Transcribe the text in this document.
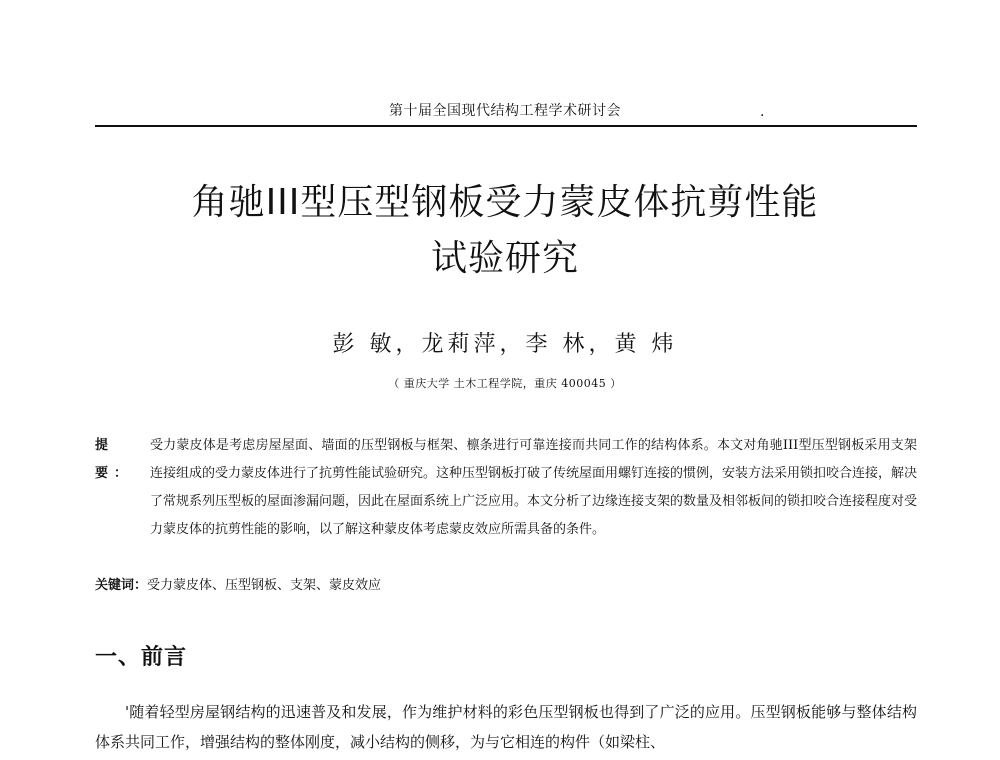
第十届全国现代结构工程学术研讨会	.
角驰III型压型钢板受力蒙皮体抗剪性能
试验研究
彭 敏，龙莉萍，李 林，黄 炜
（ 重庆大学 土木工程学院，重庆 400045 ）
提 要：
受力蒙皮体是考虑房屋屋面、墙面的压型钢板与框架、檩条进行可靠连接而共同工作的结构体系。本文对角驰III型压型钢板采用支架连接组成的受力蒙皮体进行了抗剪性能试验研究。这种压型钢板打破了传统屋面用螺钉连接的惯例，安装方法采用锁扣咬合连接，解决了常规系列压型板的屋面渗漏问题，因此在屋面系统上广泛应用。本文分析了边缘连接支架的数量及相邻板间的锁扣咬合连接程度对受力蒙皮体的抗剪性能的影响，以了解这种蒙皮体考虑蒙皮效应所需具备的条件。
关键词：受力蒙皮体、压型钢板、支架、蒙皮效应
一、前言
'随着轻型房屋钢结构的迅速普及和发展，作为维护材料的彩色压型钢板也得到了广泛的应用。压型钢板能够与整体结构体系共同工作，增强结构的整体刚度，减小结构的侧移，为与它相连的构件（如梁柱、
